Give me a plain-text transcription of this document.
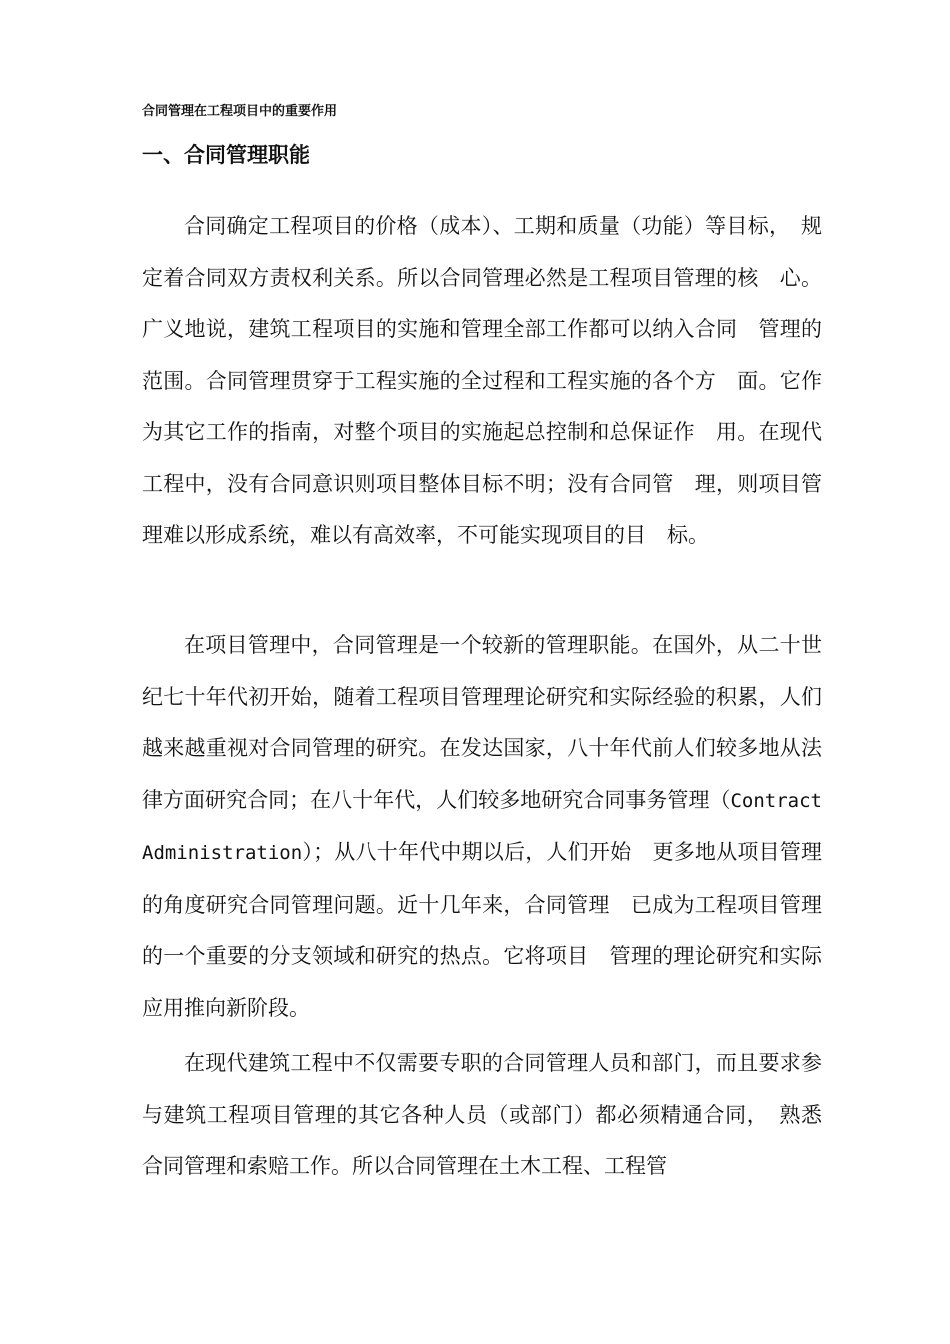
合同管理在工程项目中的重要作用
一、合同管理职能

合同确定工程项目的价格（成本）、工期和质量（功能）等目标，　规定着合同双方责权利关系。所以合同管理必然是工程项目管理的核　心。广义地说，建筑工程项目的实施和管理全部工作都可以纳入合同　管理的范围。合同管理贯穿于工程实施的全过程和工程实施的各个方　面。它作为其它工作的指南，对整个项目的实施起总控制和总保证作　用。在现代工程中，没有合同意识则项目整体目标不明；没有合同管　理，则项目管理难以形成系统，难以有高效率，不可能实现项目的目　标。

在项目管理中，合同管理是一个较新的管理职能。在国外，从二十世纪七十年代初开始，随着工程项目管理理论研究和实际经验的积累，人们越来越重视对合同管理的研究。在发达国家，八十年代前人们较多地从法律方面研究合同；在八十年代，人们较多地研究合同事务管理（Contract Administration）；从八十年代中期以后，人们开始　更多地从项目管理的角度研究合同管理问题。近十几年来，合同管理　已成为工程项目管理的一个重要的分支领域和研究的热点。它将项目　管理的理论研究和实际应用推向新阶段。

在现代建筑工程中不仅需要专职的合同管理人员和部门，而且要求参与建筑工程项目管理的其它各种人员（或部门）都必须精通合同，　熟悉合同管理和索赔工作。所以合同管理在土木工程、工程管
